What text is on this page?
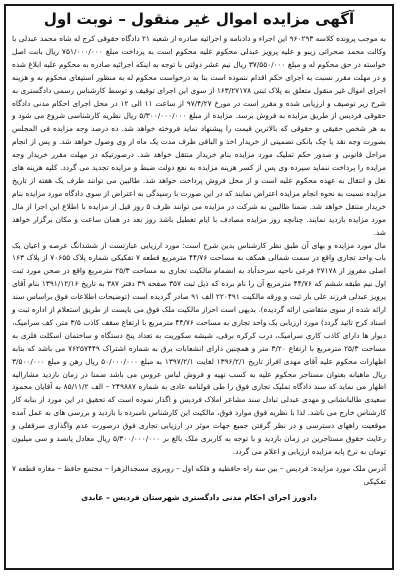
آگهی مزایده اموال غیر منقول – نوبت اول

به موجب پرونده کلاسه ۹۶۰۲۹۳ این اجراء و دادنامه و اجرائیه صادره از شعبه ۲۱ دادگاه حقوقی کرج له شاه محمد عبدلی با وکالت محمد صحرائی زیبو و علیه پرویز عبدلی محکوم علیه محکوم است به پرداخت مبلغ ۷۵۱/۰۰۰/۰۰۰ ریال بابت اصل خواسته در حق محکوم له و مبلغ ۳۷/۵۵۰/۰۰۰ ریال نیم عشر دولتی با توجه به اینکه اجرائیه صادره به محکوم علیه ابلاغ شده و در مهلت مقرر نسبت به اجرای حکم اقدام ننموده است بنا به درخواست محکوم له به منظور استیفای محکوم به و هزینه اجرای اموال غیر منقول متعلق به پلاک ثبتی ۱۶۳/۲۷۱۷۸ از سوی این اجرای توقیف و توسط کارشناس رسمی دادگستری به شرح زیر توصیف و ارزیابی شده و مقرر است در مورخ ۹۷/۴/۲۷ از ساعت ۱۱ الی ۱۲ در محل اجرای احکام مدنی دادگاه حقوقی فردیس از طریق مزایده به فروش برسد. مزایده از مبلغ ۵/۳۰۰/۰۰۰/۰۰۰ ریال نظریه کارشناسی شروع می شود و به هر شخص حقیقی و حقوقی که بالاترین قیمت را پیشنهاد نماید فروخته خواهد شد. ده درصد وجه مزایده فی المجلس بصورت وجه نقد یا چک بانکی تضمینی از خریدار اخذ و الباقی ظرف مدت یک ماه از وی وصول خواهد شد. و پس از انجام مراحل قانونی و صدور حکم تملیک مورد مزایده بنام خریدار منتقل خواهد شد. درصورتیکه در مهلت مقرر خریدار وجه مزایده را پرداخت ننماید سپرده وی پس از کسر هزینه مزایده به نفع دولت ضبط و مزایده تجدید می گردد. کلیه هزینه های نقل و انتقال به عهده محکوم علیه است و از محل فروش پرداخت خواهد شد. طالبین می توانند ظرف یک هفته از تاریخ مزایده نسبت به نحوه انجام مزایده اعتراض نمایند که در این صورت با رسیدگی به اعتراض از سوی دادگاه مورد مزایده بنام خریدار منتقل خواهد شد. ضمنا طالبین به شرکت در مزایده می توانند ظرف ۵ روز قبل از مزایده با اطلاع این اجرا از مال مورد مزایده بازدید نمایند. چنانچه روز مزایده مصادف با ایام تعطیل باشد روز بعد در همان ساعت و مکان برگزار خواهد شد.

مال مورد مزایده و بهای آن طبق نظر کارشناس بدین شرح است: مورد ارزیابی عبارتست از ششدانگ عرصه و اعیان یک باب واحد تجاری واقع در سمت شمالی همکف به مساحت ۴۴/۷۶ مترمربع قطعه ۷ تفکیکی شماره پلاک ۷۰۶۵۵ از پلاک ۱۶۳ اصلی مفروز از ۲۷۱۷۸ فرعی ناحیه سرحدآباد به انضمام مالکیت تجاری به مساحت ۲۵/۳ مترمربع واقع در صحن مورد ثبت اول نیم طبقه ششم که ۴۴/۷۶ مترمربع آن را نام برده که ذیل ثبت ۳۵۷ صفحه ۳۹ دفتر ۳۸۷ به تاریخ ۱۳۹۱/۱۲/۱۶ بنام آقای پرویز عبدلی فرزند علی بار ثبت و ورقه مالکیت ۲۲۰۴۹۱ الف ۹۱ صادر گردیده است (توضیحات اطلاعات فوق براساس سند ارائه شده از سوی متقاضی ارائه گردیده). بدیهی است احراز مالکیت ملک فوق می بایست از طریق استعلام از اداره ثبت و اسناد کرج تائید گردد) مورد ارزیابی یک واحد تجاری به مساحت ۴۴/۷۶ مترمربع با ارتفاع سقف کاذب ۳/۵ متر، کف سرامیک، دیوار ها دارای کاذب کاری سرامیک، درب کرکره برقی، شیشه سکوریت به تعداد پنج دستگاه و ساختمان اسکلت فلزی به مساحت ۲۵/۳ مترمربع با ارتفاع ۳/۲۰ متر و همچنین دارای انشعابات برق به شماره اشتراک ۷۶۲۵۷۴۴۹ می باشد که بنابه اظهارات محکوم علیه آقای مهدی افراز تاریخ ۱۳۹۶/۲/۱ لغایت ۱۳۹۷/۲/۱ به مبلغ ۵۰/۰۰۰/۰۰۰ ریال رهن و مبلغ ۳/۵۰۰/۰۰۰ ریال ماهیانه بعنوان مستاجر محکوم علیه به کسب تهیه و فروش لباس عروس می باشد ضمنا در زمان بازدید مشاراليه اظهار می نماید که سند دادگاه تملیک تجاری فوق را طی قولنامه عادی به شماره ۲۴۹۸۸۷ – الف ۸۵/۱۱/۲ به آقایان محمود سعیدی طالبانشانی و مهدی عبدلی تبادل سند مشاعر املاک فردیس و اگذار نموده است که تحقیق در این مورد از بنابه کار کارشناس خارج می باشد. لذا با نظریه فوق موارد فوق، مالکیت این کارشناس نامبرده با بازدید و بررسی های به عمل آمده موقعیت راههای دسترسی و در نظر گرفتن جمیع جهات موثر در ارزیابی تجاری فوق درصورت عدم واگذاری سرقفلی و رعایت حقوق مستاجرین در زمان بازدید و با توجه به کاربری ملک بالغ بر ۵/۳۰۰/۰۰۰/۰۰۰ ریال معادل پانصد و سی میلیون تومان به نرخ پایه مزایده ارزیابی و اعلام می گردد.

آدرس ملک مورد مزایده: فردیس – بین سه راه حافظیه و فلکه اول – روبروی مسجدالزهرا – مجتمع حافظ – مغازه قطعه ۷ تفکیکی
دادورز اجرای احکام مدنی دادگستری شهرستان فردیس – عابدی
